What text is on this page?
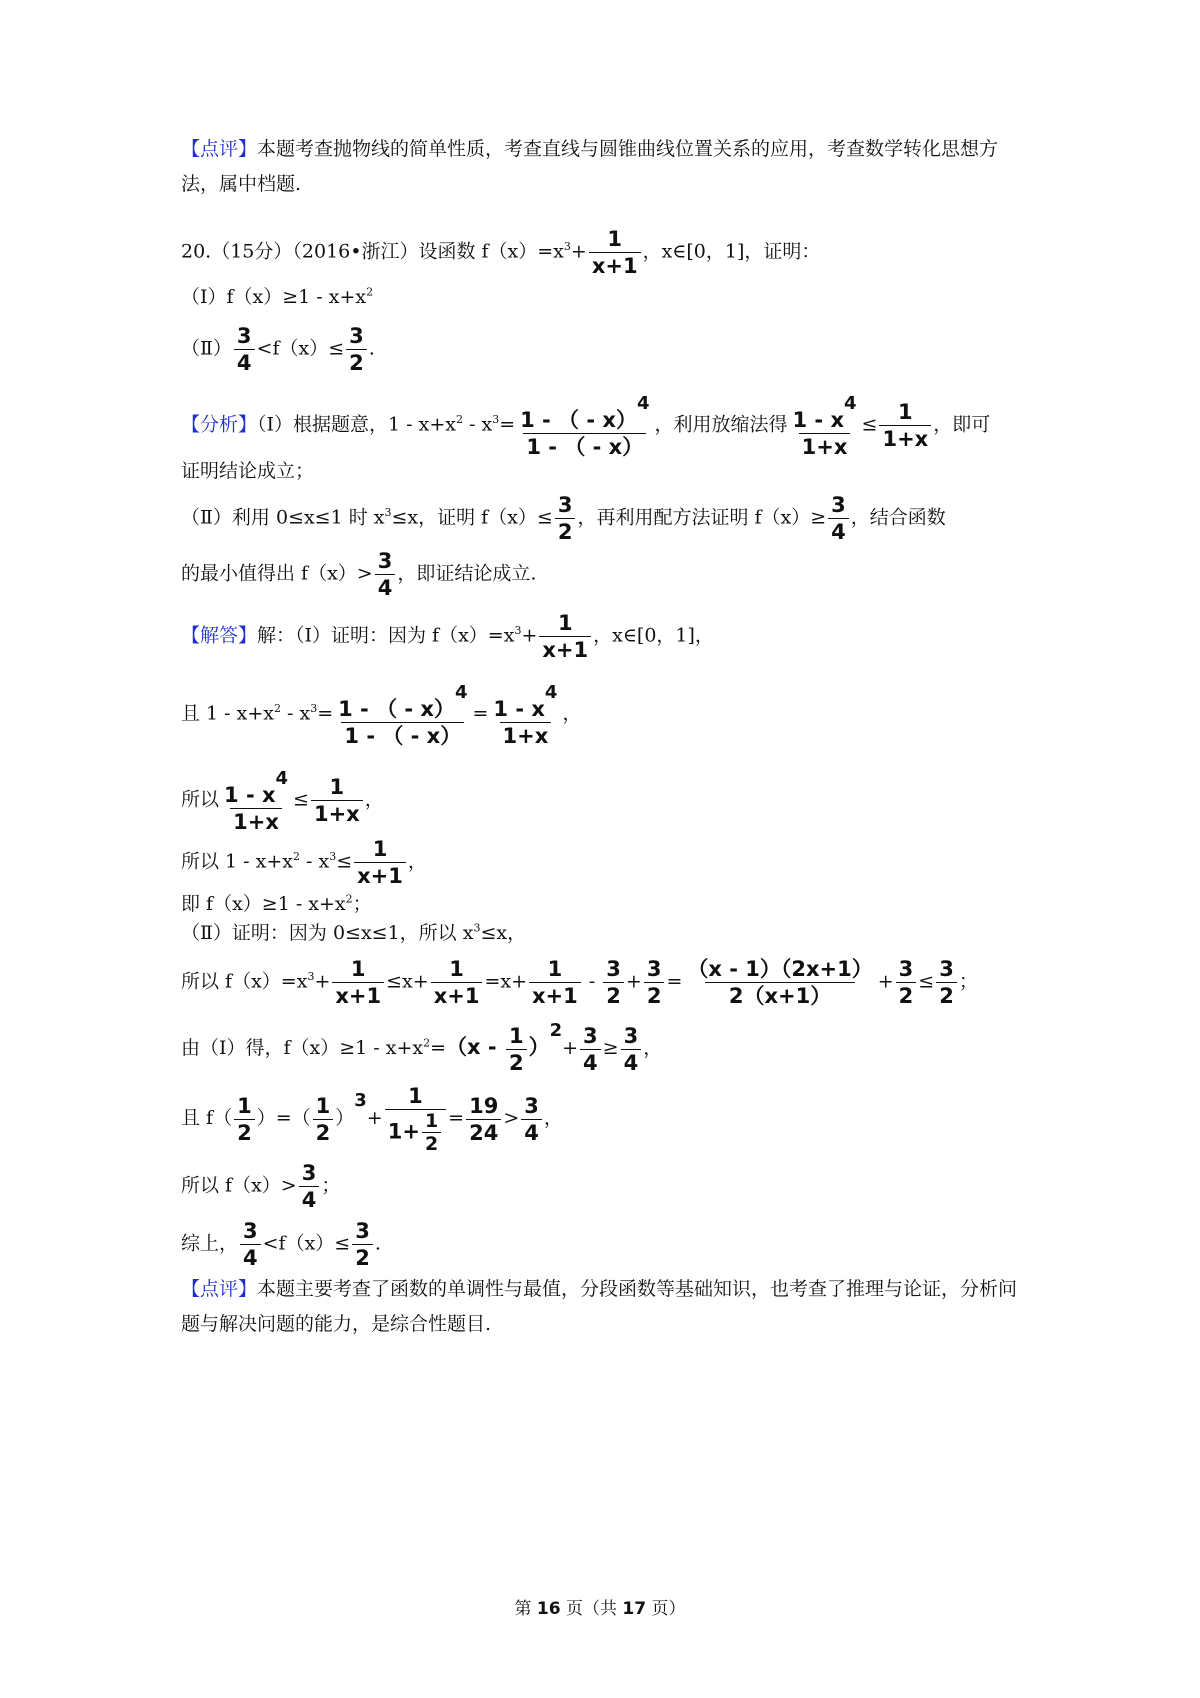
【点评】本题考查抛物线的简单性质，考查直线与圆锥曲线位置关系的应用，考查数学转化思想方法，属中档题.
20.（15分）（2016•浙江）设函数 $f(x)=x^3+ \frac{1}{x+1}$ ，x∈[0，1]，证明：
（Ⅰ）f（x）≥1 - $x+x^2$
（Ⅱ） $\frac{3}{4} <f(x)\le \frac{3}{2}$ .
【分析】（Ⅰ）根据题意，$1 - x+x^2 - x^3= \frac{1 - ( - x)4}{1 - ( - x)}$ ，利用放缩法得 $\frac{1 - x4}{1+x} \le \frac{1}{1+x}$ ，即可
证明结论成立；
（Ⅱ）利用 0≤x≤1 时 $x^3\le x$，证明 $f(x)\le \frac{3}{2}$ ，再利用配方法证明 $f(x)\ge \frac{3}{4}$ ，结合函数
的最小值得出 $f(x)> \frac{3}{4}$ ，即证结论成立.
【解答】解：（Ⅰ）证明：因为 $f(x)=x^3+ \frac{1}{x+1}$ ，x∈[0，1]，
且 $1 - x+x^2 - x^3= \frac{1 - ( - x)4}{1 - ( - x)} = \frac{1 - x4}{1+x}$ ，
所以 $\frac{1 - x4}{1+x} \le \frac{1}{1+x}$ ，
所以 $1 - x+x^2 - x^3\le \frac{1}{x+1}$ ，
即 $f(x)\ge 1 - x+x^2$；
（Ⅱ）证明：因为 0≤x≤1，所以 $x^3\le x$，
所以 $f(x)=x^3+ \frac{1}{x+1} \le x+ \frac{1}{x+1} =x+ \frac{1}{x+1} - \frac{3}{2} + \frac{3}{2} = \frac{(x - 1)(2x+1)}{2(x+1)} + \frac{3}{2} \le \frac{3}{2}$ ；
由（Ⅰ）得，$f(x)\ge 1 - x+x^2=(x - \frac{1}{2} )2+ \frac{3}{4} \ge \frac{3}{4}$ ，
且 $f( \frac{1}{2}$ ）=（ $\frac{1}{2} )3+ \frac{1}{1+ \frac{1}{2}} = \frac{19}{24} > \frac{3}{4}$ ，
所以 $f(x)> \frac{3}{4}$ ；
综上， $\frac{3}{4} <f(x)\le \frac{3}{2}$ .
【点评】本题主要考查了函数的单调性与最值，分段函数等基础知识，也考查了推理与论证，分析问题与解决问题的能力，是综合性题目.
第 16 页（共 17 页）
